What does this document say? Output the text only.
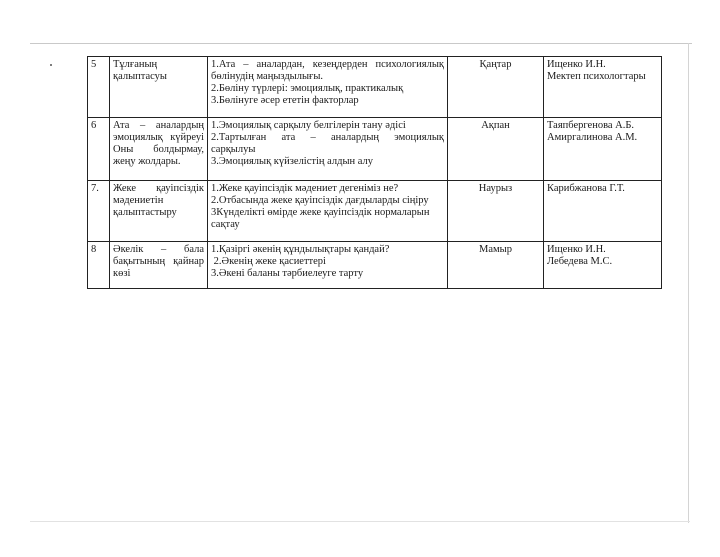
5	Тұлғаның қалыптасуы	1.Ата – аналардан, кезеңдерден психологиялық
бөлінудің маңыздылығы.
2.Бөліну түрлері: эмоциялық, практикалық
3.Бөлінуге әсер ететін факторлар	Қаңтар	Ищенко И.Н.
Мектеп психологтары

6	Ата – аналардың эмоциялық күйреуі Оны болдырмау, жеңу жолдары.	1.Эмоциялық сарқылу белгілерін тану әдісі
2.Тартылған ата – аналардың эмоциялық
сарқылуы
3.Эмоциялық күйзелістің алдын алу	Ақпан	Таяпбергенова А.Б.
Амиргалинова А.М.

7.	Жеке қауіпсіздік мәдениетін қалыптастыру	1.Жеке қауіпсіздік мәдениет дегеніміз не?
2.Отбасында жеке қауіпсіздік дағдыларды сіңіру
3Күнделікті өмірде жеке қауіпсіздік нормаларын
сақтау	Наурыз	Карибжанова Г.Т.

8	Әкелік – бала бақытының қайнар көзі	1.Қазіргі әкенің құндылықтары қандай?
2.Әкенің жеке қасиеттері
3.Әкені баланы тәрбиелеуге тарту	Мамыр	Ищенко И.Н.
Лебедева М.С.
